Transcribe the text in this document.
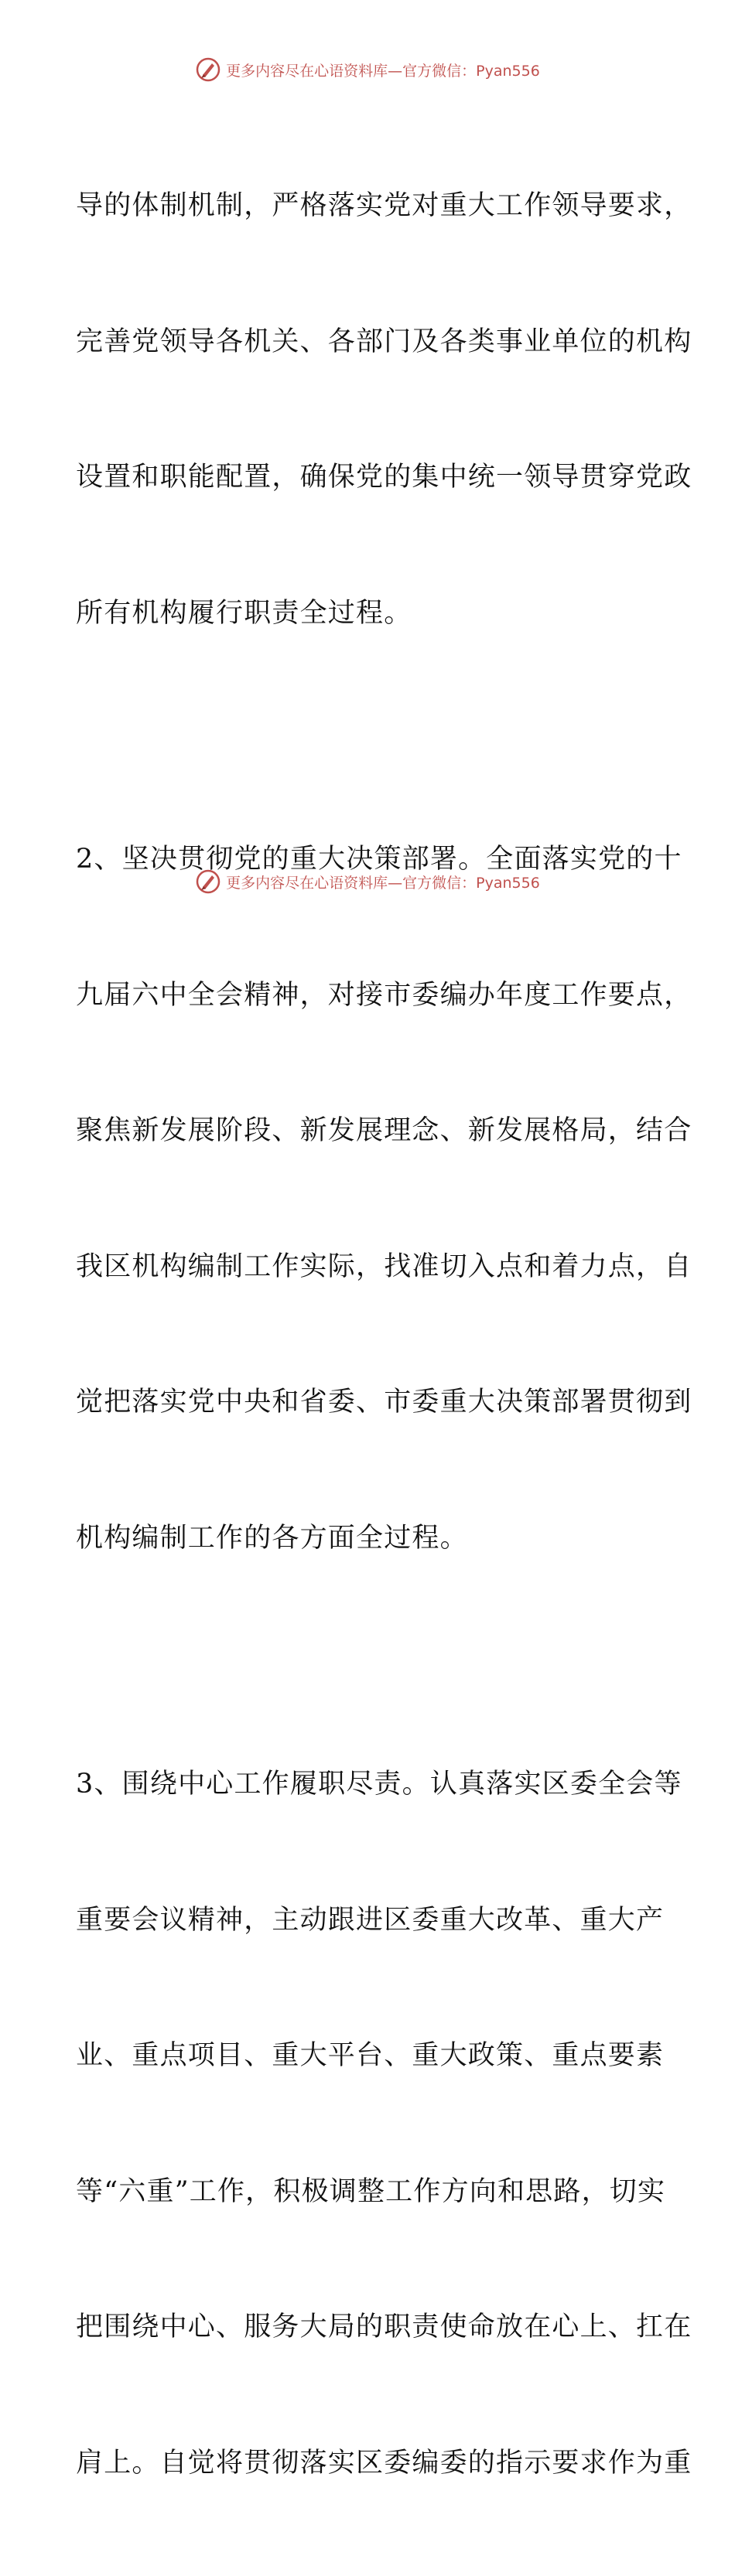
更多内容尽在心语资料库—官方微信：Pyan556

导的体制机制，严格落实党对重大工作领导要求，

完善党领导各机关、各部门及各类事业单位的机构

设置和职能配置，确保党的集中统一领导贯穿党政

所有机构履行职责全过程。

2、坚决贯彻党的重大决策部署。全面落实党的十

九届六中全会精神，对接市委编办年度工作要点，

聚焦新发展阶段、新发展理念、新发展格局，结合

我区机构编制工作实际，找准切入点和着力点，自

觉把落实党中央和省委、市委重大决策部署贯彻到

机构编制工作的各方面全过程。

3、围绕中心工作履职尽责。认真落实区委全会等

重要会议精神，主动跟进区委重大改革、重大产

业、重点项目、重大平台、重大政策、重点要素

等“六重”工作，积极调整工作方向和思路，切实

把围绕中心、服务大局的职责使命放在心上、扛在

肩上。自觉将贯彻落实区委编委的指示要求作为重

更多内容尽在心语资料库—官方微信：Pyan556
